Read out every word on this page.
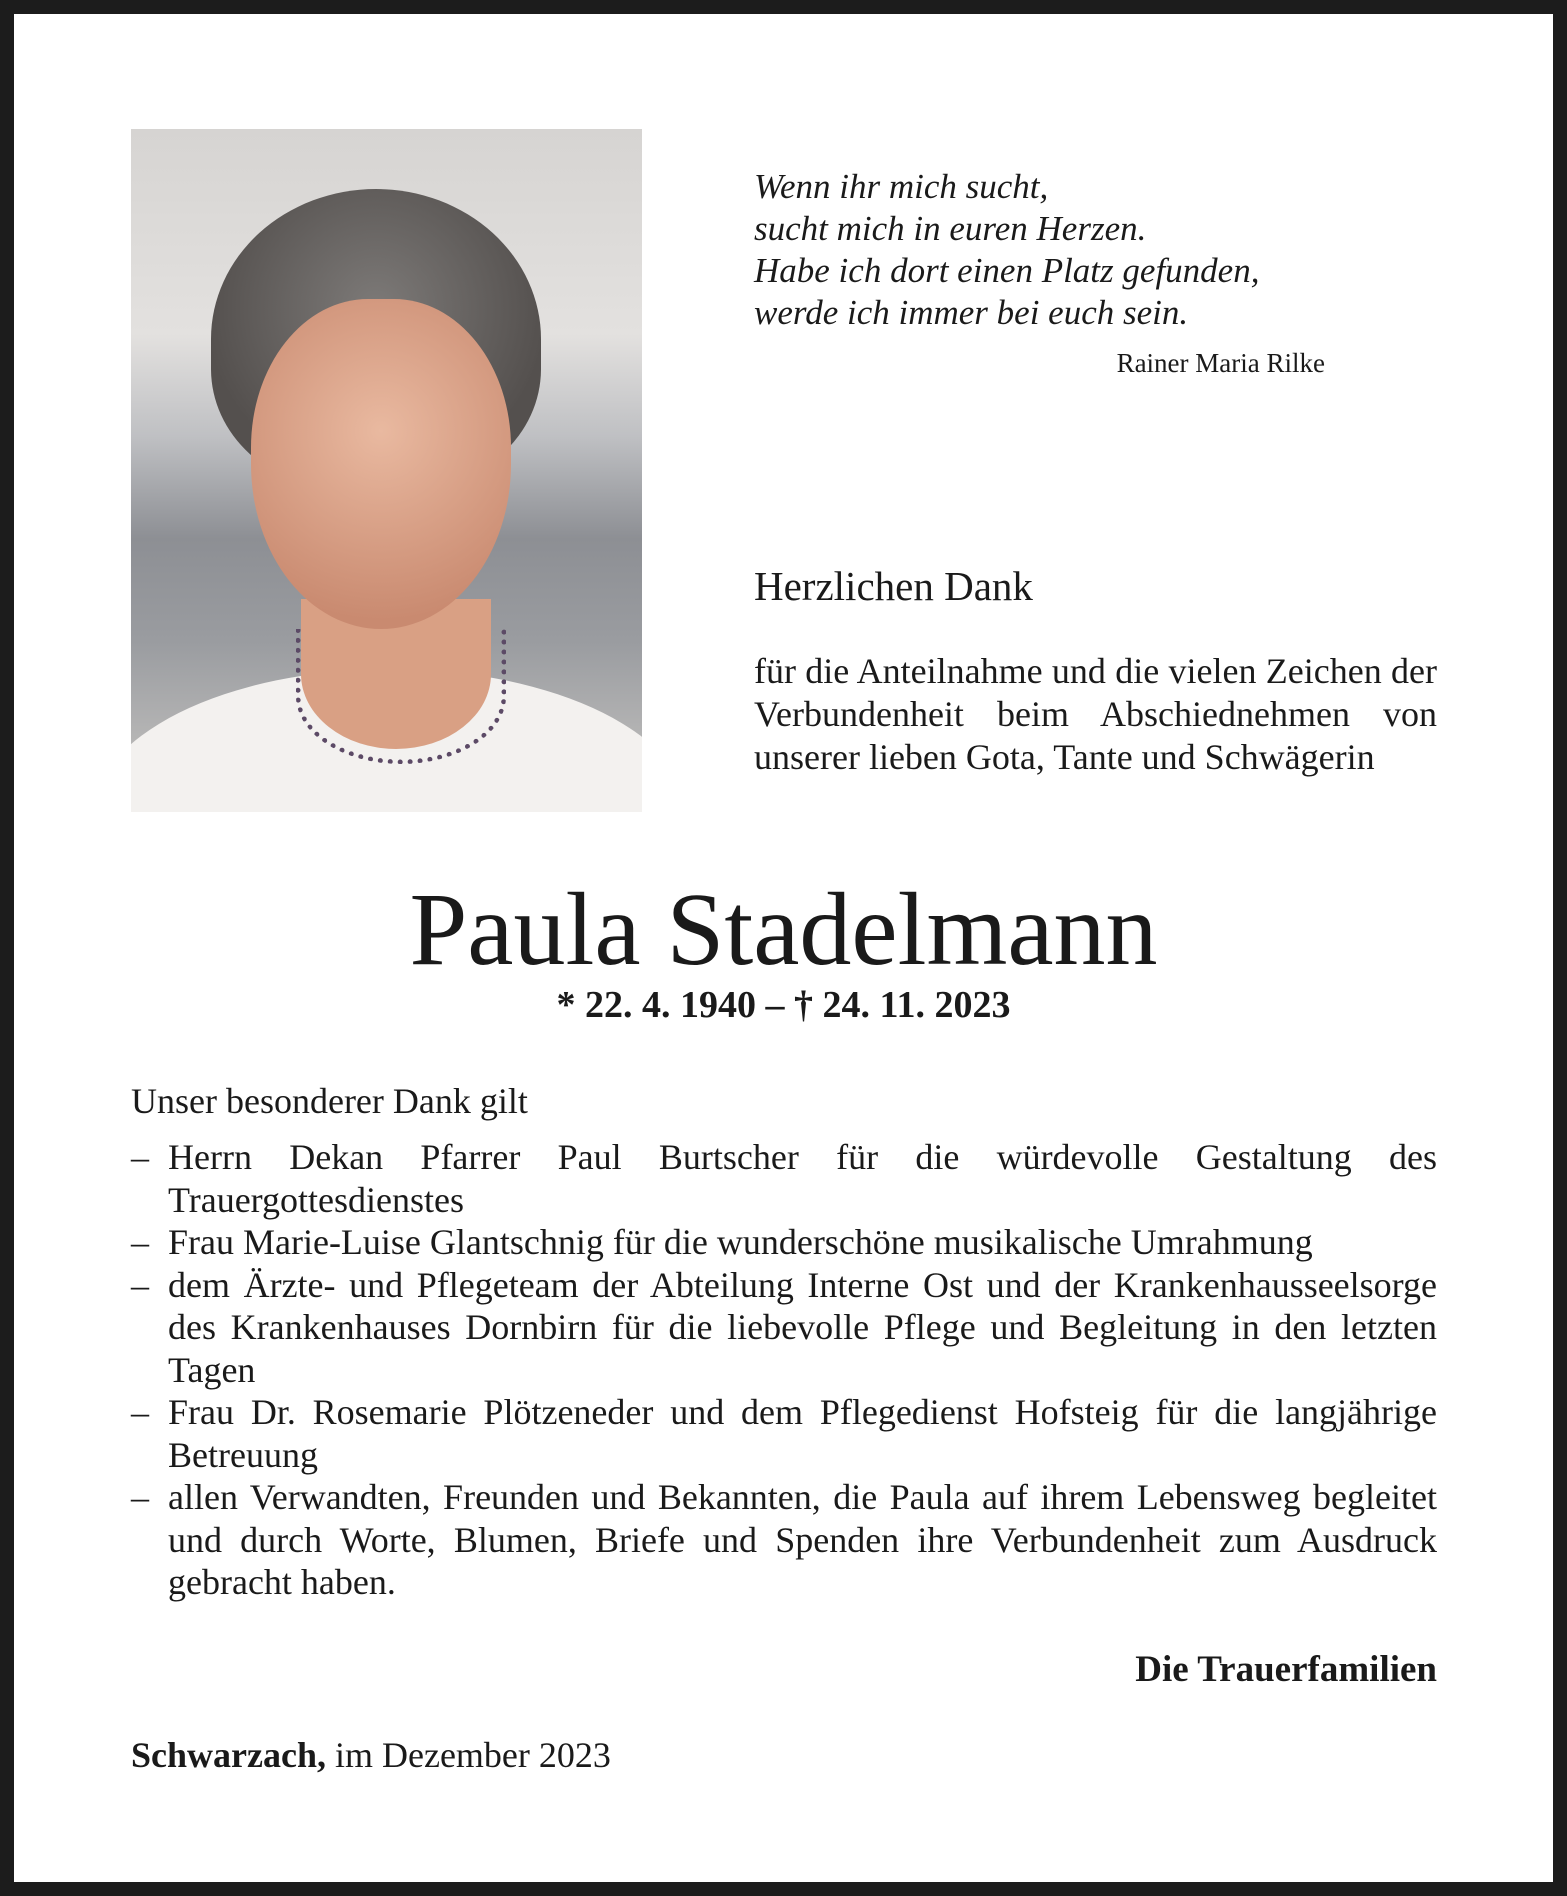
Wenn ihr mich sucht,
sucht mich in euren Herzen.
Habe ich dort einen Platz gefunden,
werde ich immer bei euch sein.
Rainer Maria Rilke
Herzlichen Dank
für die Anteilnahme und die vielen Zeichen der Verbundenheit beim Abschiednehmen von unserer lieben Gota, Tante und Schwägerin
Paula Stadelmann
* 22. 4. 1940 – † 24. 11. 2023
Unser besonderer Dank gilt
– Herrn Dekan Pfarrer Paul Burtscher für die würdevolle Gestaltung des Trauergottesdienstes
– Frau Marie-Luise Glantschnig für die wunderschöne musikalische Umrahmung
– dem Ärzte- und Pflegeteam der Abteilung Interne Ost und der Krankenhausseelsorge des Krankenhauses Dornbirn für die liebevolle Pflege und Begleitung in den letzten Tagen
– Frau Dr. Rosemarie Plötzeneder und dem Pflegedienst Hofsteig für die langjährige Betreuung
– allen Verwandten, Freunden und Bekannten, die Paula auf ihrem Lebensweg begleitet und durch Worte, Blumen, Briefe und Spenden ihre Verbundenheit zum Ausdruck gebracht haben.
Die Trauerfamilien
Schwarzach, im Dezember 2023
